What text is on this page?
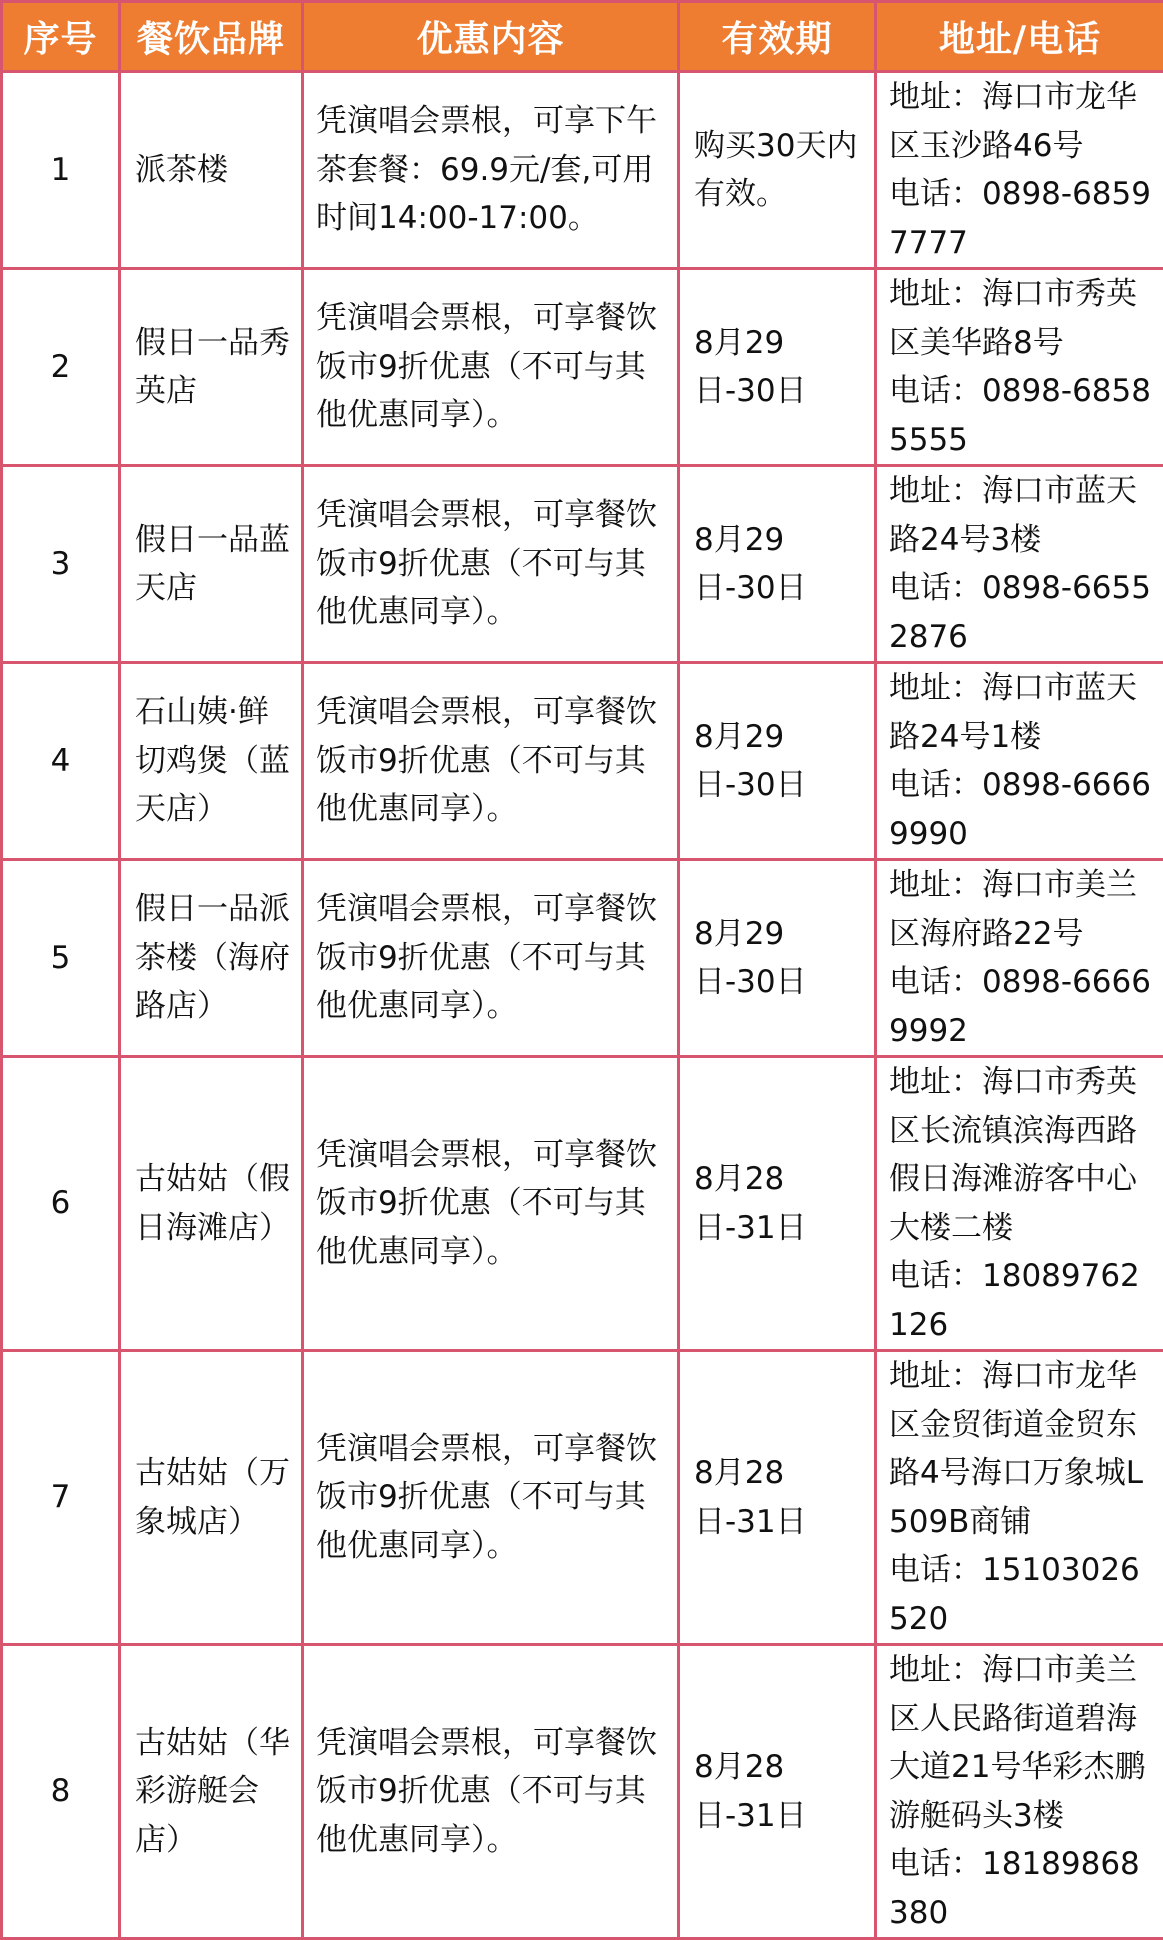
序号	餐饮品牌	优惠内容	有效期	地址/电话
1	派茶楼	凭演唱会票根，可享下午茶套餐：69.9元/套,可用时间14:00-17:00。	购买30天内有效。	地址：海口市龙华区玉沙路46号
电话：0898-68597777

2	假日一品秀英店	凭演唱会票根，可享餐饮饭市9折优惠（不可与其他优惠同享）。	8月29日-30日	地址：海口市秀英区美华路8号
电话：0898-68585555

3	假日一品蓝天店	凭演唱会票根，可享餐饮饭市9折优惠（不可与其他优惠同享）。	8月29日-30日	地址：海口市蓝天路24号3楼
电话：0898-66552876

4	石山姨·鲜切鸡煲（蓝天店）	凭演唱会票根，可享餐饮饭市9折优惠（不可与其他优惠同享）。	8月29日-30日	地址：海口市蓝天路24号1楼
电话：0898-66669990

5	假日一品派茶楼（海府路店）	凭演唱会票根，可享餐饮饭市9折优惠（不可与其他优惠同享）。	8月29日-30日	地址：海口市美兰区海府路22号
电话：0898-66669992

6	古姑姑（假日海滩店）	凭演唱会票根，可享餐饮饭市9折优惠（不可与其他优惠同享）。	8月28日-31日	地址：海口市秀英区长流镇滨海西路假日海滩游客中心大楼二楼
电话：18089762126

7	古姑姑（万象城店）	凭演唱会票根，可享餐饮饭市9折优惠（不可与其他优惠同享）。	8月28日-31日	地址：海口市龙华区金贸街道金贸东路4号海口万象城L509B商铺
电话：15103026520

8	古姑姑（华彩游艇会店）	凭演唱会票根，可享餐饮饭市9折优惠（不可与其他优惠同享）。	8月28日-31日	地址：海口市美兰区人民路街道碧海大道21号华彩杰鹏游艇码头3楼
电话：18189868380
